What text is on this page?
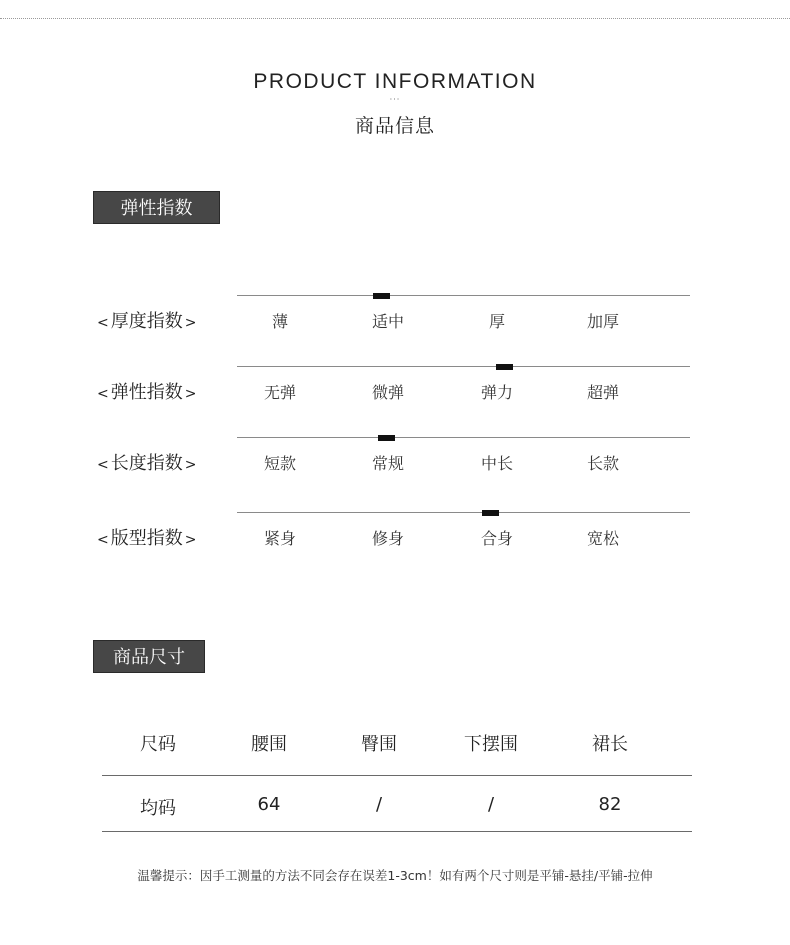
PRODUCT INFORMATION
···
商品信息
弹性指数
< 厚度指数 >	薄	适中	厚	加厚
< 弹性指数 >	无弹	微弹	弹力	超弹
< 长度指数 >	短款	常规	中长	长款
< 版型指数 >	紧身	修身	合身	宽松
商品尺寸
尺码	腰围	臀围	下摆围	裙长
均码	64	/	/	82
温馨提示：因手工测量的方法不同会存在误差1-3cm！如有两个尺寸则是平铺-悬挂/平铺-拉伸
